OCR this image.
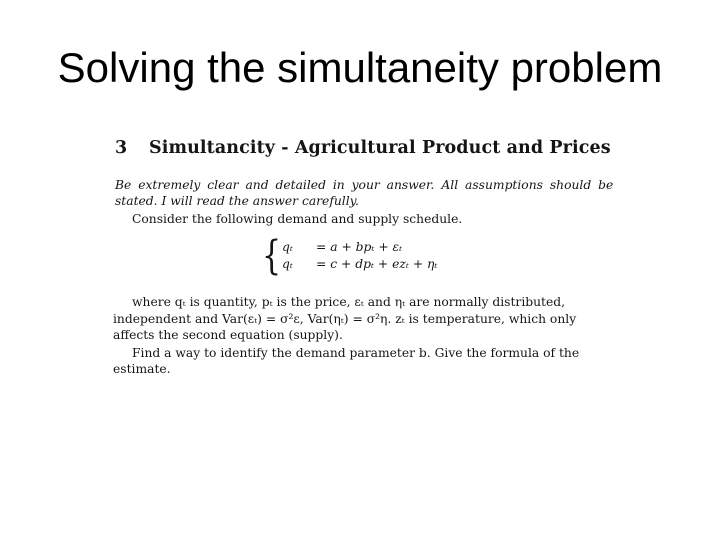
Solving the simultaneity problem
3 Simultancity - Agricultural Product and Prices
Be extremely clear and detailed in your answer. All assumptions should be
stated. I will read the answer carefully.
Consider the following demand and supply schedule.
{ qₜ = a + bpₜ + εₜ
qₜ = c + dpₜ + ezₜ + ηₜ
where qₜ is quantity, pₜ is the price, εₜ and ηₜ are normally distributed,
independent and Var(εₜ) = σ²ε, Var(ηₜ) = σ²η. zₜ is temperature, which only
affects the second equation (supply).
Find a way to identify the demand parameter b. Give the formula of the
estimate.
